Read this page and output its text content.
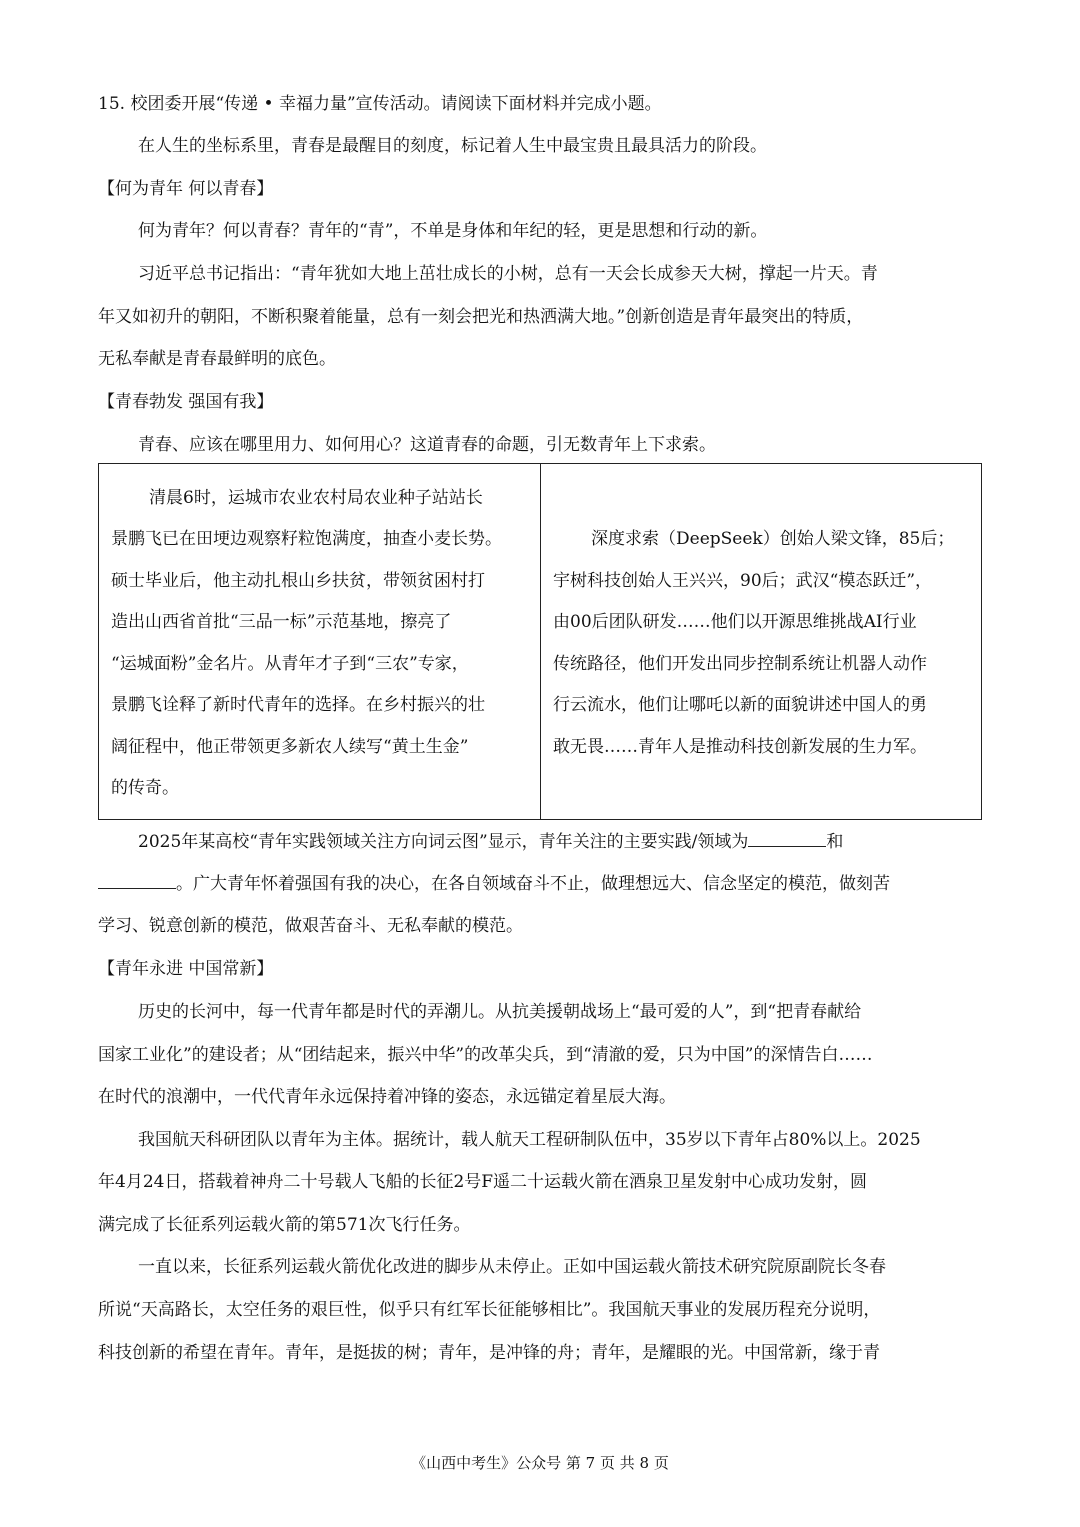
15. 校团委开展“传递 • 幸福力量”宣传活动。请阅读下面材料并完成小题。
在人生的坐标系里，青春是最醒目的刻度，标记着人生中最宝贵且最具活力的阶段。
【何为青年 何以青春】
何为青年？何以青春？青年的“青”，不单是身体和年纪的轻，更是思想和行动的新。
习近平总书记指出：“青年犹如大地上茁壮成长的小树，总有一天会长成参天大树，撑起一片天。青
年又如初升的朝阳，不断积聚着能量，总有一刻会把光和热洒满大地。”创新创造是青年最突出的特质，
无私奉献是青春最鲜明的底色。
【青春勃发 强国有我】
青春、应该在哪里用力、如何用心？这道青春的命题，引无数青年上下求索。
清晨6时，运城市农业农村局农业种子站站长
景鹏飞已在田埂边观察籽粒饱满度，抽查小麦长势。
硕士毕业后，他主动扎根山乡扶贫，带领贫困村打
造出山西省首批“三品一标”示范基地，擦亮了
“运城面粉”金名片。从青年才子到“三农”专家，
景鹏飞诠释了新时代青年的选择。在乡村振兴的壮
阔征程中，他正带领更多新农人续写“黄土生金”
的传奇。
深度求索（DeepSeek）创始人梁文锋，85后；
宇树科技创始人王兴兴，90后；武汉“模态跃迁”，
由00后团队研发……他们以开源思维挑战AI行业
传统路径，他们开发出同步控制系统让机器人动作
行云流水，他们让哪吒以新的面貌讲述中国人的勇
敢无畏……青年人是推动科技创新发展的生力军。
2025年某高校“青年实践领域关注方向词云图”显示，青年关注的主要实践/领域为	和
。广大青年怀着强国有我的决心，在各自领域奋斗不止，做理想远大、信念坚定的模范，做刻苦
学习、锐意创新的模范，做艰苦奋斗、无私奉献的模范。
【青年永进 中国常新】
历史的长河中，每一代青年都是时代的弄潮儿。从抗美援朝战场上“最可爱的人”，到“把青春献给
国家工业化”的建设者；从“团结起来，振兴中华”的改革尖兵，到“清澈的爱，只为中国”的深情告白……
在时代的浪潮中，一代代青年永远保持着冲锋的姿态，永远锚定着星辰大海。
我国航天科研团队以青年为主体。据统计，载人航天工程研制队伍中，35岁以下青年占80%以上。2025
年4月24日，搭载着神舟二十号载人飞船的长征2号F遥二十运载火箭在酒泉卫星发射中心成功发射，圆
满完成了长征系列运载火箭的第571次飞行任务。
一直以来，长征系列运载火箭优化改进的脚步从未停止。正如中国运载火箭技术研究院原副院长冬春
所说“天高路长，太空任务的艰巨性，似乎只有红军长征能够相比”。我国航天事业的发展历程充分说明，
科技创新的希望在青年。青年，是挺拔的树；青年，是冲锋的舟；青年，是耀眼的光。中国常新，缘于青
《山西中考生》公众号 第 7 页 共 8 页
